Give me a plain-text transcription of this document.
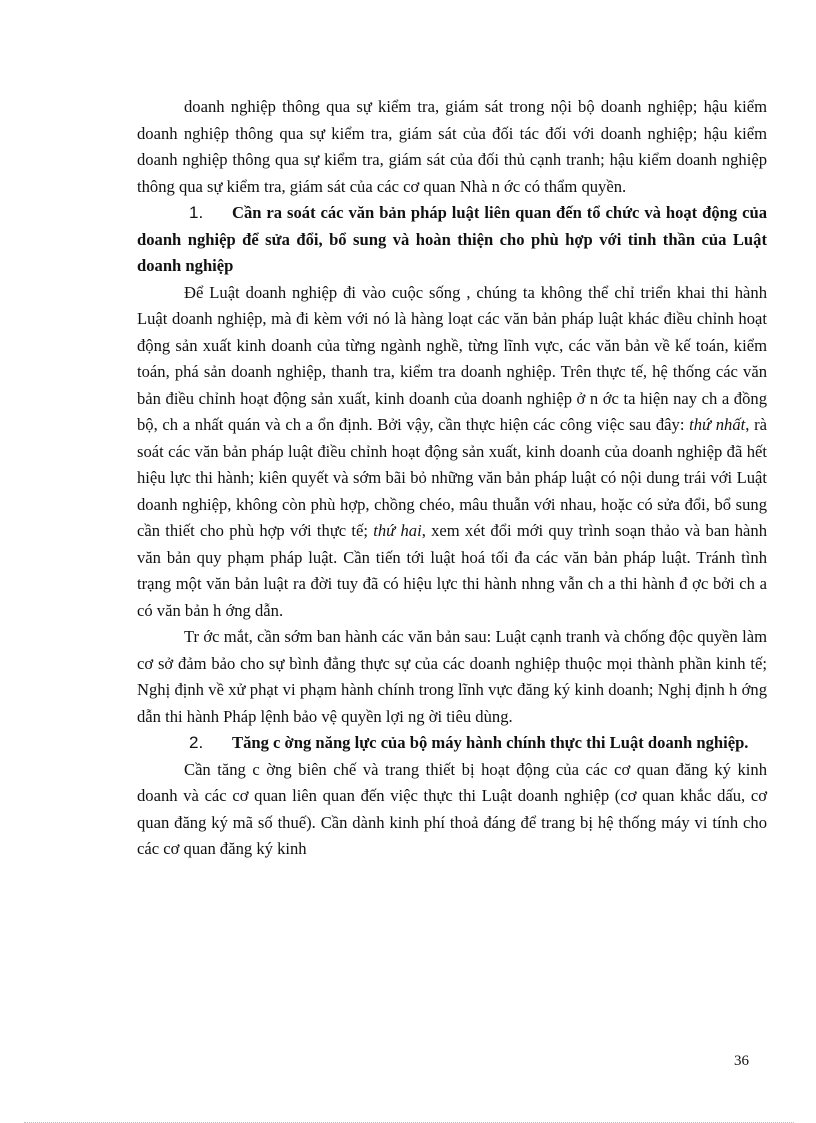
doanh nghiệp thông qua sự kiểm tra, giám sát trong nội bộ doanh nghiệp; hậu kiểm doanh nghiệp thông qua sự kiểm tra, giám sát của đối tác đối với doanh nghiệp; hậu kiểm doanh nghiệp thông qua sự kiểm tra, giám sát của đối thủ cạnh tranh; hậu kiểm doanh nghiệp thông qua sự kiểm tra, giám sát của các cơ quan Nhà n ớc có thẩm quyền.

1. Cần ra soát các văn bản pháp luật liên quan đến tổ chức và hoạt động của doanh nghiệp để sửa đổi, bổ sung và hoàn thiện cho phù hợp với tinh thần của Luật doanh nghiệp

Để Luật doanh nghiệp đi vào cuộc sống , chúng ta không thể chỉ triển khai thi hành Luật doanh nghiệp, mà đi kèm với nó là hàng loạt các văn bản pháp luật khác điều chỉnh hoạt động sản xuất kinh doanh của từng ngành nghề, từng lĩnh vực, các văn bản về kế toán, kiểm toán, phá sản doanh nghiệp, thanh tra, kiểm tra doanh nghiệp. Trên thực tế, hệ thống các văn bản điều chỉnh hoạt động sản xuất, kinh doanh của doanh nghiệp ở n ớc ta hiện nay ch a đồng bộ, ch a nhất quán và ch a ổn định. Bởi vậy, cần thực hiện các công việc sau đây: thứ nhất, rà soát các văn bản pháp luật điều chỉnh hoạt động sản xuất, kinh doanh của doanh nghiệp đã hết hiệu lực thi hành; kiên quyết và sớm bãi bỏ những văn bản pháp luật có nội dung trái với Luật doanh nghiệp, không còn phù hợp, chồng chéo, mâu thuẫn với nhau, hoặc có sửa đổi, bổ sung cần thiết cho phù hợp với thực tế; thứ hai, xem xét đổi mới quy trình soạn thảo và ban hành văn bản quy phạm pháp luật. Cần tiến tới luật hoá tối đa các văn bản pháp luật. Tránh tình trạng một văn bản luật ra đời tuy đã có hiệu lực thi hành nhng vẫn ch a thi hành đ ợc bởi ch a có văn bản h ớng dẫn.

Tr ớc mắt, cần sớm ban hành các văn bản sau: Luật cạnh tranh và chống độc quyền làm cơ sở đảm bảo cho sự bình đẳng thực sự của các doanh nghiệp thuộc mọi thành phần kinh tế; Nghị định về xử phạt vi phạm hành chính trong lĩnh vực đăng ký kinh doanh; Nghị định h ớng dẫn thi hành Pháp lệnh bảo vệ quyền lợi ng ời tiêu dùng.

2. Tăng c ờng năng lực của bộ máy hành chính thực thi Luật doanh nghiệp.

Cần tăng c ờng biên chế và trang thiết bị hoạt động của các cơ quan đăng ký kinh doanh và các cơ quan liên quan đến việc thực thi Luật doanh nghiệp (cơ quan khắc dấu, cơ quan đăng ký mã số thuế). Cần dành kinh phí thoả đáng để trang bị hệ thống máy vi tính cho các cơ quan đăng ký kinh

36
